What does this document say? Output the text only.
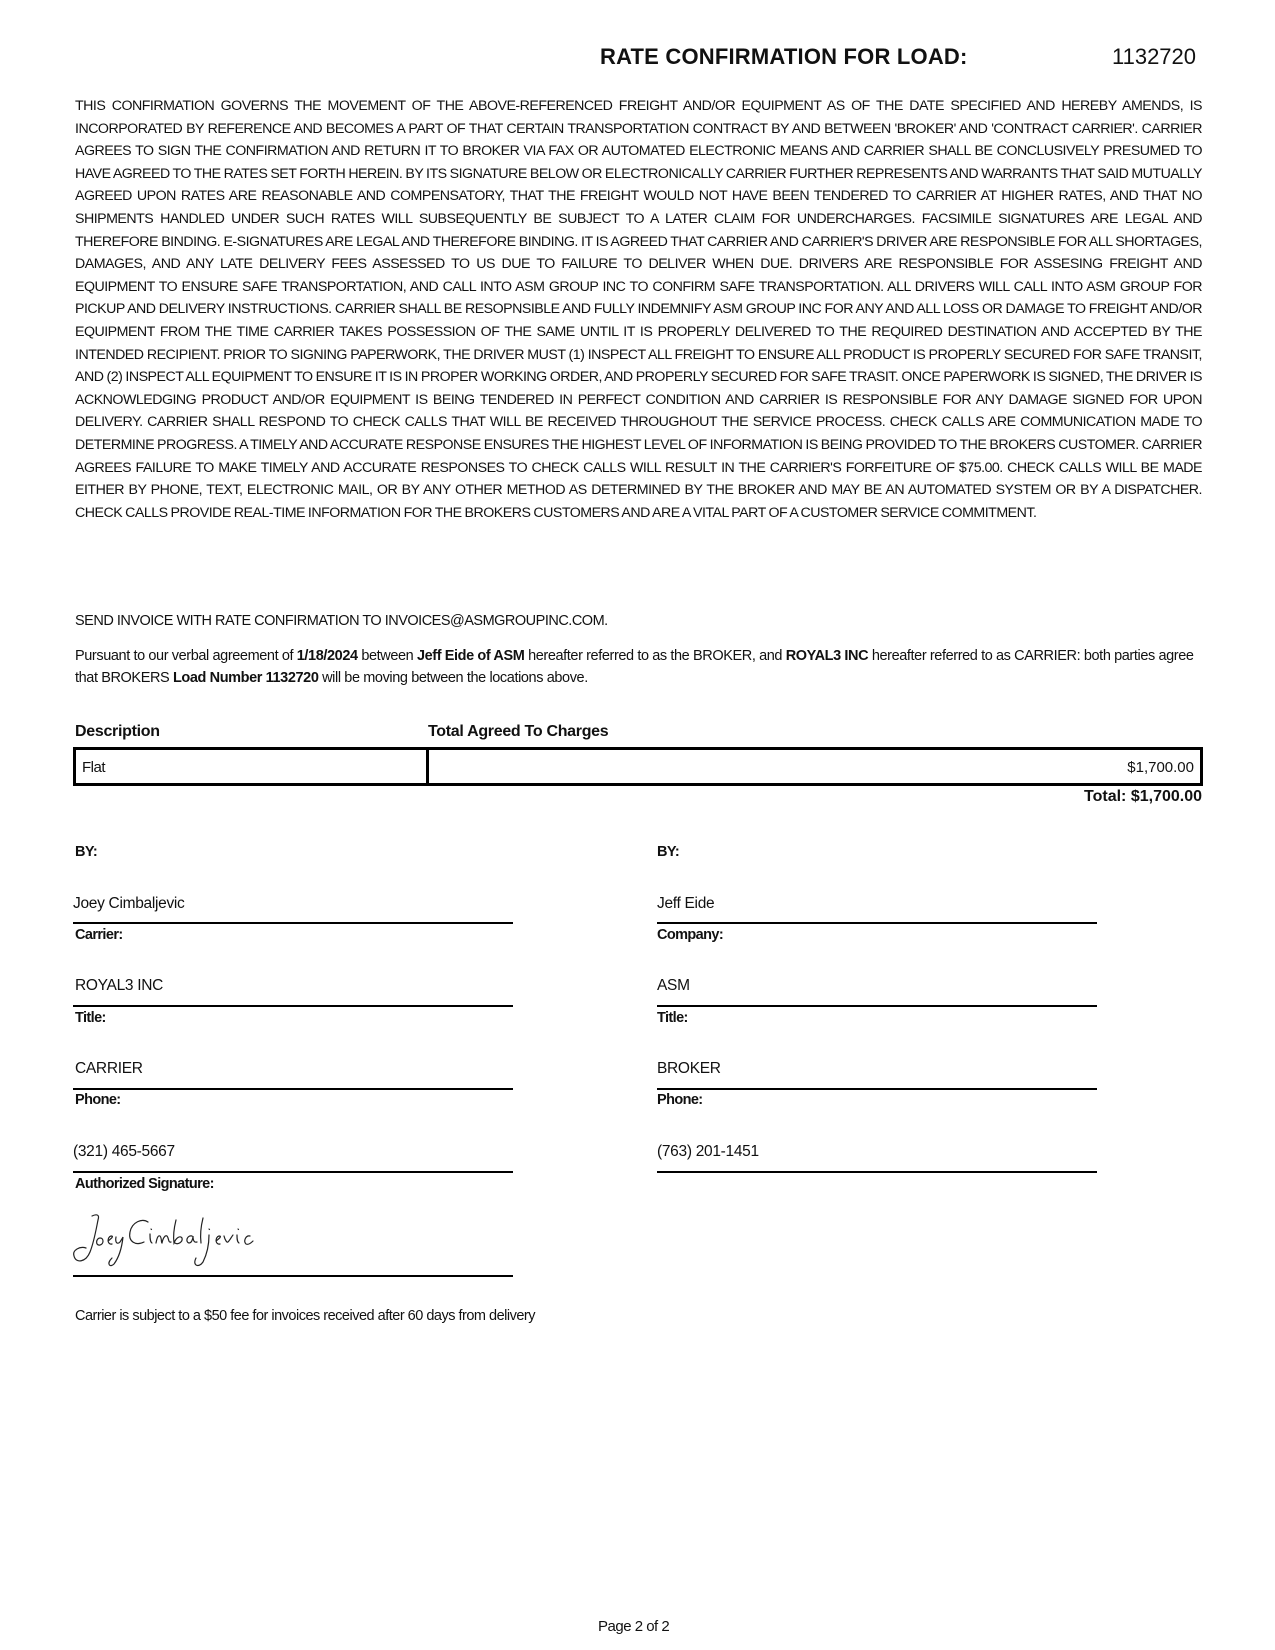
RATE CONFIRMATION FOR LOAD:	1132720
THIS CONFIRMATION GOVERNS THE MOVEMENT OF THE ABOVE-REFERENCED FREIGHT AND/OR EQUIPMENT AS OF THE DATE SPECIFIED AND HEREBY AMENDS, IS INCORPORATED BY REFERENCE AND BECOMES A PART OF THAT CERTAIN TRANSPORTATION CONTRACT BY AND BETWEEN 'BROKER' AND 'CONTRACT CARRIER'. CARRIER AGREES TO SIGN THE CONFIRMATION AND RETURN IT TO BROKER VIA FAX OR AUTOMATED ELECTRONIC MEANS AND CARRIER SHALL BE CONCLUSIVELY PRESUMED TO HAVE AGREED TO THE RATES SET FORTH HEREIN. BY ITS SIGNATURE BELOW OR ELECTRONICALLY CARRIER FURTHER REPRESENTS AND WARRANTS THAT SAID MUTUALLY AGREED UPON RATES ARE REASONABLE AND COMPENSATORY, THAT THE FREIGHT WOULD NOT HAVE BEEN TENDERED TO CARRIER AT HIGHER RATES, AND THAT NO SHIPMENTS HANDLED UNDER SUCH RATES WILL SUBSEQUENTLY BE SUBJECT TO A LATER CLAIM FOR UNDERCHARGES. FACSIMILE SIGNATURES ARE LEGAL AND THEREFORE BINDING. E-SIGNATURES ARE LEGAL AND THEREFORE BINDING. IT IS AGREED THAT CARRIER AND CARRIER'S DRIVER ARE RESPONSIBLE FOR ALL SHORTAGES, DAMAGES, AND ANY LATE DELIVERY FEES ASSESSED TO US DUE TO FAILURE TO DELIVER WHEN DUE. DRIVERS ARE RESPONSIBLE FOR ASSESING FREIGHT AND EQUIPMENT TO ENSURE SAFE TRANSPORTATION, AND CALL INTO ASM GROUP INC TO CONFIRM SAFE TRANSPORTATION. ALL DRIVERS WILL CALL INTO ASM GROUP FOR PICKUP AND DELIVERY INSTRUCTIONS. CARRIER SHALL BE RESOPNSIBLE AND FULLY INDEMNIFY ASM GROUP INC FOR ANY AND ALL LOSS OR DAMAGE TO FREIGHT AND/OR EQUIPMENT FROM THE TIME CARRIER TAKES POSSESSION OF THE SAME UNTIL IT IS PROPERLY DELIVERED TO THE REQUIRED DESTINATION AND ACCEPTED BY THE INTENDED RECIPIENT. PRIOR TO SIGNING PAPERWORK, THE DRIVER MUST (1) INSPECT ALL FREIGHT TO ENSURE ALL PRODUCT IS PROPERLY SECURED FOR SAFE TRANSIT, AND (2) INSPECT ALL EQUIPMENT TO ENSURE IT IS IN PROPER WORKING ORDER, AND PROPERLY SECURED FOR SAFE TRASIT. ONCE PAPERWORK IS SIGNED, THE DRIVER IS ACKNOWLEDGING PRODUCT AND/OR EQUIPMENT IS BEING TENDERED IN PERFECT CONDITION AND CARRIER IS RESPONSIBLE FOR ANY DAMAGE SIGNED FOR UPON DELIVERY. CARRIER SHALL RESPOND TO CHECK CALLS THAT WILL BE RECEIVED THROUGHOUT THE SERVICE PROCESS. CHECK CALLS ARE COMMUNICATION MADE TO DETERMINE PROGRESS. A TIMELY AND ACCURATE RESPONSE ENSURES THE HIGHEST LEVEL OF INFORMATION IS BEING PROVIDED TO THE BROKERS CUSTOMER. CARRIER AGREES FAILURE TO MAKE TIMELY AND ACCURATE RESPONSES TO CHECK CALLS WILL RESULT IN THE CARRIER'S FORFEITURE OF $75.00. CHECK CALLS WILL BE MADE EITHER BY PHONE, TEXT, ELECTRONIC MAIL, OR BY ANY OTHER METHOD AS DETERMINED BY THE BROKER AND MAY BE AN AUTOMATED SYSTEM OR BY A DISPATCHER. CHECK CALLS PROVIDE REAL-TIME INFORMATION FOR THE BROKERS CUSTOMERS AND ARE A VITAL PART OF A CUSTOMER SERVICE COMMITMENT.
SEND INVOICE WITH RATE CONFIRMATION TO INVOICES@ASMGROUPINC.COM.
Pursuant to our verbal agreement of 1/18/2024 between Jeff Eide of ASM hereafter referred to as the BROKER, and ROYAL3 INC hereafter referred to as CARRIER: both parties agree that BROKERS Load Number 1132720 will be moving between the locations above.
Description	Total Agreed To Charges
Flat	$1,700.00
Total: $1,700.00
BY:
Joey Cimbaljevic
Carrier:
ROYAL3 INC
Title:
CARRIER
Phone:
(321) 465-5667
Authorized Signature:
BY:
Jeff Eide
Company:
ASM
Title:
BROKER
Phone:
(763) 201-1451
Carrier is subject to a $50 fee for invoices received after 60 days from delivery
Page 2 of 2
